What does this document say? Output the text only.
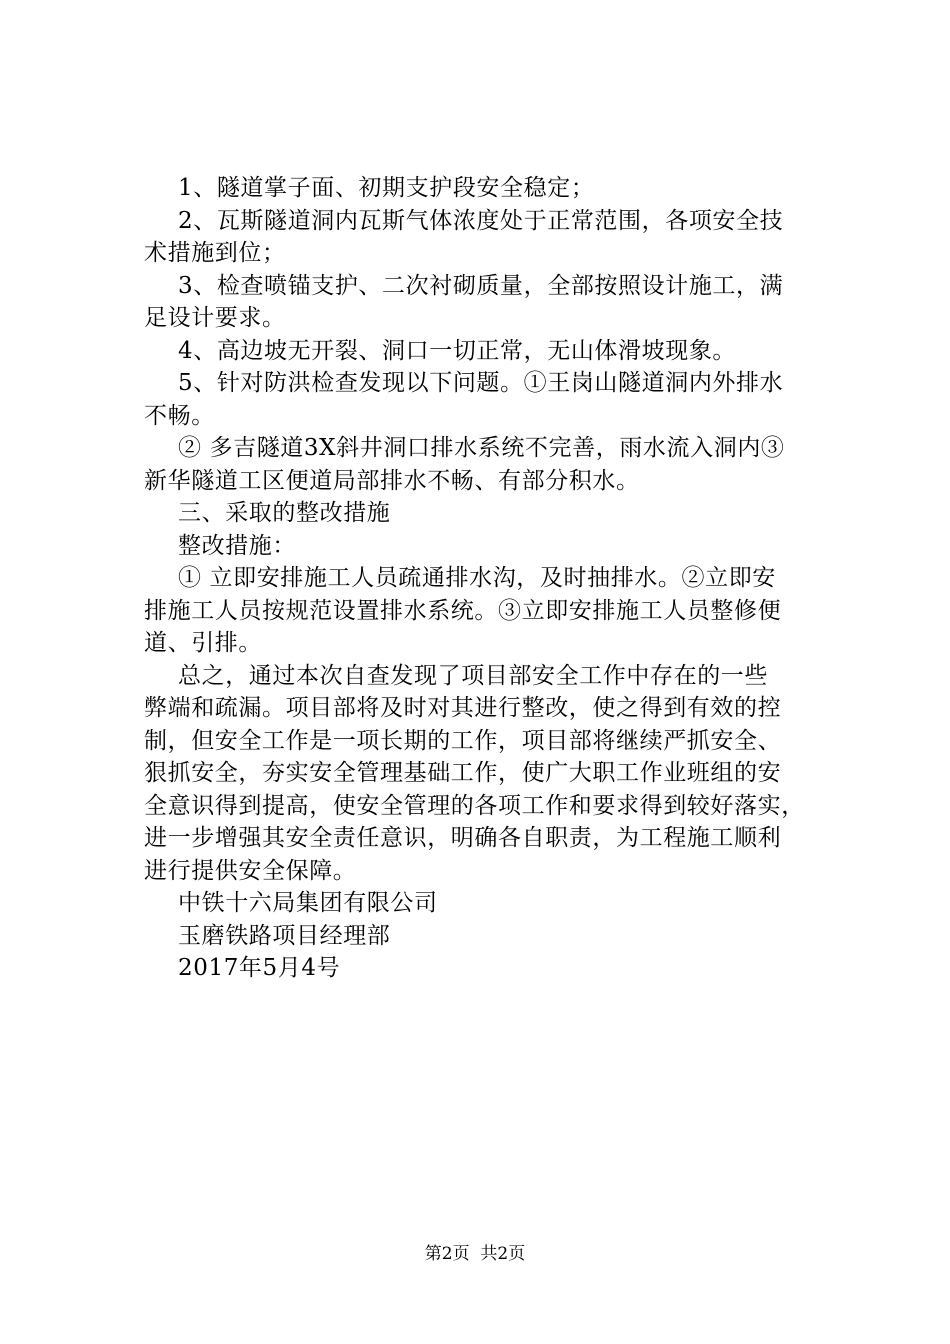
1、隧道掌子面、初期支护段安全稳定；
2、瓦斯隧道洞内瓦斯气体浓度处于正常范围，各项安全技
术措施到位；
3、检查喷锚支护、二次衬砌质量，全部按照设计施工，满
足设计要求。
4、高边坡无开裂、洞口一切正常，无山体滑坡现象。
5、针对防洪检查发现以下问题。①王岗山隧道洞内外排水
不畅。
② 多吉隧道3X斜井洞口排水系统不完善，雨水流入洞内③
新华隧道工区便道局部排水不畅、有部分积水。
三、采取的整改措施
整改措施：
① 立即安排施工人员疏通排水沟，及时抽排水。②立即安
排施工人员按规范设置排水系统。③立即安排施工人员整修便
道、引排。
总之，通过本次自查发现了项目部安全工作中存在的一些
弊端和疏漏。项目部将及时对其进行整改，使之得到有效的控
制，但安全工作是一项长期的工作，项目部将继续严抓安全、
狠抓安全，夯实安全管理基础工作，使广大职工作业班组的安
全意识得到提高，使安全管理的各项工作和要求得到较好落实，
进一步增强其安全责任意识，明确各自职责，为工程施工顺利
进行提供安全保障。
中铁十六局集团有限公司
玉磨铁路项目经理部
2017年5月4号
第2页  共2页
